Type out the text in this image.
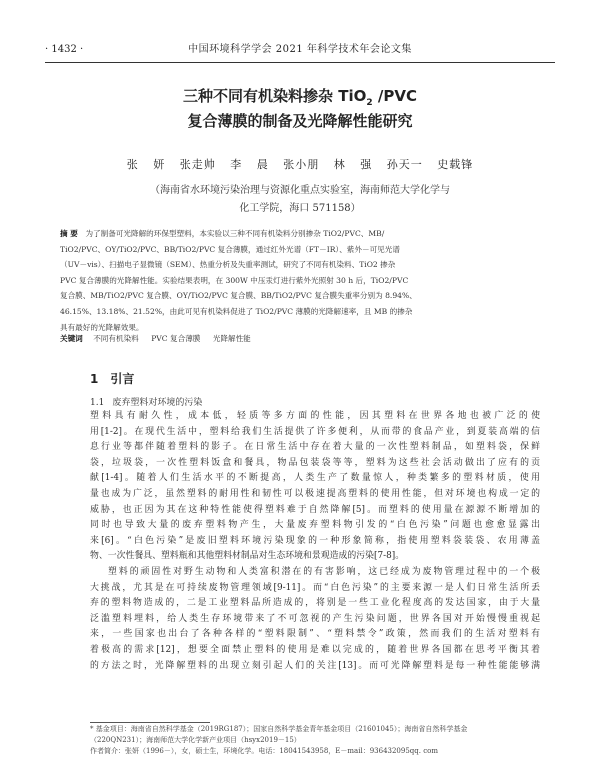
· 1432 ·	中国环境科学学会 2021 年科学技术年会论文集
三种不同有机染料掺杂 TiO$_2$ /PVC
复合薄膜的制备及光降解性能研究
张 妍 张走帅 李 晨 张小朋 林 强 孙天一 史载锋
（海南省水环境污染治理与资源化重点实验室，海南师范大学化学与
化工学院，海口 571158）
摘 要　 为了制备可光降解的环保型塑料，本实验以三种不同有机染料分别掺杂 TiO2/PVC、MB/
TiO2/PVC、OY/TiO2/PVC、BB/TiO2/PVC 复合薄膜，通过红外光谱（FT－IR）、紫外－可见光谱
（UV－vis）、扫描电子显微镜（SEM）、热重分析及失重率测试，研究了不同有机染料、TiO2 掺杂
PVC 复合薄膜的光降解性能。实验结果表明，在 300W 中压汞灯进行紫外光照射 30 h 后，TiO2/PVC
复合膜、MB/TiO2/PVC 复合膜、OY/TiO2/PVC 复合膜、BB/TiO2/PVC 复合膜失重率分别为 8.94%、
46.15%、13.18%、21.52%，由此可见有机染料促进了 TiO2/PVC 薄膜的光降解速率，且 MB 的掺杂
具有最好的光降解效果。
关键词 不同有机染料 PVC 复合薄膜 光降解性能
1 引言
1.1 废弃塑料对环境的污染
塑料具有耐久性，成本低，轻质等多方面的性能，因其塑料在世界各地也被广泛的使
用[1-2]。在现代生活中，塑料给我们生活提供了许多便利，从而带的食品产业，到夏装高端的信
息行业等都伴随着塑料的影子。在日常生活中存在着大量的一次性塑料制品，如塑料袋，保鲜
袋，垃圾袋，一次性塑料饭盒和餐具，物品包装袋等等，塑料为这些社会活动做出了应有的贡
献[1-4]。随着人们生活水平的不断提高，人类生产了数量惊人，种类繁多的塑料材质，使用
量也成为广泛，虽然塑料的耐用性和韧性可以极速提高塑料的使用性能，但对环境也构成一定的
威胁，也正因为其在这种特性能使得塑料难于自然降解[5]。而塑料的使用量在源源不断增加的
同时也导致大量的废弃塑料物产生，大量废弃塑料物引发的“白色污染”问题也愈愈显露出
来[6]。“白色污染”是废旧塑料环境污染现象的一种形象简称，指使用塑料袋装袋、农用薄盖
物、一次性餐具、塑料瓶和其他塑料材制品对生态环境和景观造成的污染[7-8]。
塑料的顽固性对野生动物和人类富积潜在的有害影响，这已经成为废物管理过程中的一个极
大挑战，尤其是在可持续废物管理领域[9-11]。而“白色污染”的主要来源一是人们日常生活所丢
弃的塑料物造成的，二是工业塑料品所造成的，将别是一些工业化程度高的发达国家，由于大量
泛滥塑料埋料，给人类生存环境带来了不可忽视的产生污染问题，世界各国对开始慢慢重视起
来，一些国家也出台了各种各样的“塑料限制”、“塑料禁令”政策，然而我们的生活对塑料有
着极高的需求[12]，想要全面禁止塑料的使用是难以完成的，随着世界各国都在思考平衡其着
的方法之时，光降解塑料的出现立刻引起人们的关注[13]。而可光降解塑料是每一种性能能够满
* 基金项目：海南省自然科学基金（2019RG187）；国家自然科学基金青年基金项目（21601045）；海南省自然科学基金
（220QN231）；海南师范大学化学新产业项目（hsyx2019－15）
作者简介：张妍（1996－），女，硕士生，环境化学。电话：18041543958，E－mail：936432095qq. com
